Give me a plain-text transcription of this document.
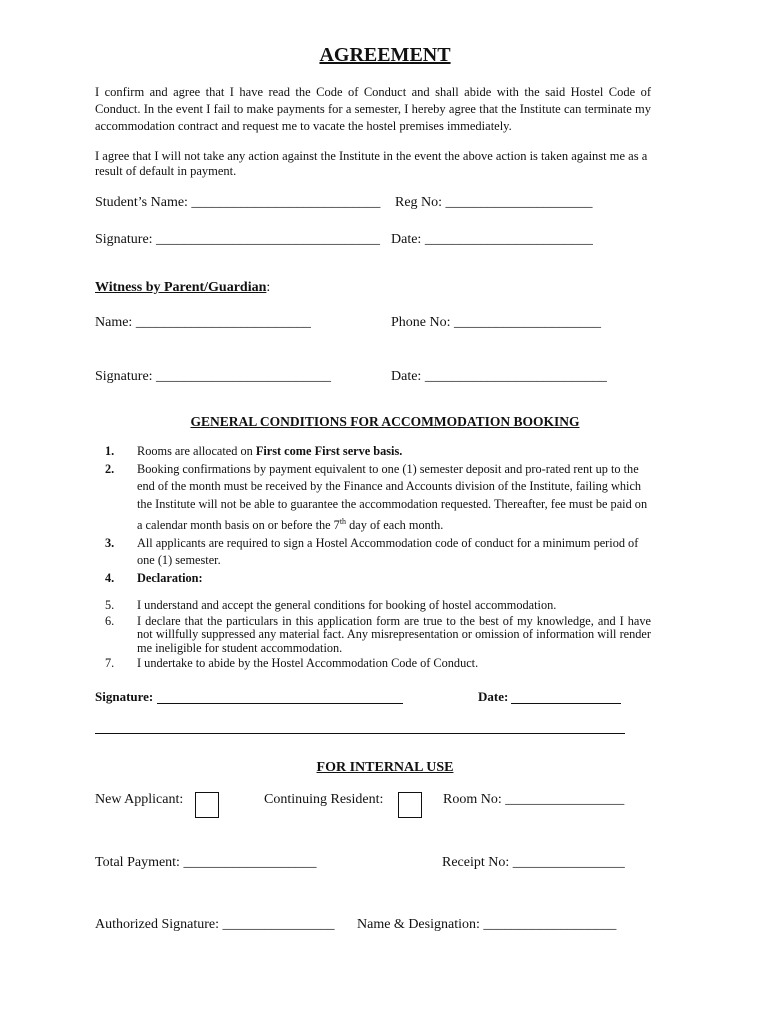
AGREEMENT
I confirm and agree that I have read the Code of Conduct and shall abide with the said Hostel Code of Conduct. In the event I fail to make payments for a semester, I hereby agree that the Institute can terminate my accommodation contract and request me to vacate the hostel premises immediately.
I agree that I will not take any action against the Institute in the event the above action is taken against me as a result of default in payment.
Student’s Name: ___________________________ Reg No: _____________________
Signature: ________________________________ Date: ________________________
Witness by Parent/Guardian:
Name: _________________________	Phone No: _____________________
Signature: _________________________	Date: __________________________
GENERAL CONDITIONS FOR ACCOMMODATION BOOKING
1.	Rooms are allocated on First come First serve basis.
2.	Booking confirmations by payment equivalent to one (1) semester deposit and pro-rated rent up to the end of the month must be received by the Finance and Accounts division of the Institute, failing which the Institute will not be able to guarantee the accommodation requested. Thereafter, fee must be paid on a calendar month basis on or before the 7th day of each month.
3.	All applicants are required to sign a Hostel Accommodation code of conduct for a minimum period of one (1) semester.
4.	Declaration:
5.	I understand and accept the general conditions for booking of hostel accommodation.
6.	I declare that the particulars in this application form are true to the best of my knowledge, and I have not willfully suppressed any material fact. Any misrepresentation or omission of information will render me ineligible for student accommodation.
7.	I undertake to abide by the Hostel Accommodation Code of Conduct.
Signature:	Date:
FOR INTERNAL USE
New Applicant:	Continuing Resident:	Room No: _________________
Total Payment: ___________________	Receipt No: ________________
Authorized Signature: ________________ Name & Designation: ___________________
